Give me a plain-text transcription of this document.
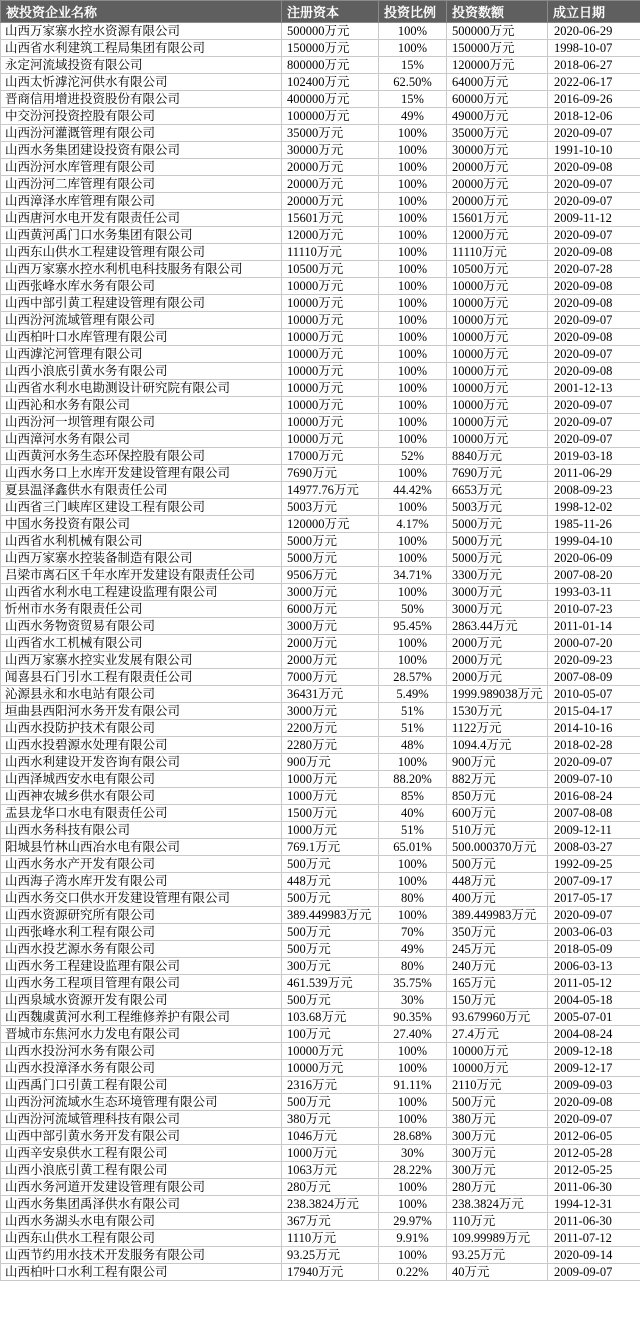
被投资企业名称	注册资本	投资比例	投资数额	成立日期
山西万家寨水控水资源有限公司	500000万元	100%	500000万元	2020-06-29
山西省水利建筑工程局集团有限公司	150000万元	100%	150000万元	1998-10-07
永定河流域投资有限公司	800000万元	15%	120000万元	2018-06-27
山西太忻滹沱河供水有限公司	102400万元	62.50%	64000万元	2022-06-17
晋商信用增进投资股份有限公司	400000万元	15%	60000万元	2016-09-26
中交汾河投资控股有限公司	100000万元	49%	49000万元	2018-12-06
山西汾河灌溉管理有限公司	35000万元	100%	35000万元	2020-09-07
山西水务集团建设投资有限公司	30000万元	100%	30000万元	1991-10-10
山西汾河水库管理有限公司	20000万元	100%	20000万元	2020-09-08
山西汾河二库管理有限公司	20000万元	100%	20000万元	2020-09-07
山西漳泽水库管理有限公司	20000万元	100%	20000万元	2020-09-07
山西唐河水电开发有限责任公司	15601万元	100%	15601万元	2009-11-12
山西黄河禹门口水务集团有限公司	12000万元	100%	12000万元	2020-09-07
山西东山供水工程建设管理有限公司	11110万元	100%	11110万元	2020-09-08
山西万家寨水控水利机电科技服务有限公司	10500万元	100%	10500万元	2020-07-28
山西张峰水库水务有限公司	10000万元	100%	10000万元	2020-09-08
山西中部引黄工程建设管理有限公司	10000万元	100%	10000万元	2020-09-08
山西汾河流域管理有限公司	10000万元	100%	10000万元	2020-09-07
山西柏叶口水库管理有限公司	10000万元	100%	10000万元	2020-09-08
山西滹沱河管理有限公司	10000万元	100%	10000万元	2020-09-07
山西小浪底引黄水务有限公司	10000万元	100%	10000万元	2020-09-08
山西省水利水电勘测设计研究院有限公司	10000万元	100%	10000万元	2001-12-13
山西沁和水务有限公司	10000万元	100%	10000万元	2020-09-07
山西汾河一坝管理有限公司	10000万元	100%	10000万元	2020-09-07
山西漳河水务有限公司	10000万元	100%	10000万元	2020-09-07
山西黄河水务生态环保控股有限公司	17000万元	52%	8840万元	2019-03-18
山西水务口上水库开发建设管理有限公司	7690万元	100%	7690万元	2011-06-29
夏县温泽鑫供水有限责任公司	14977.76万元	44.42%	6653万元	2008-09-23
山西省三门峡库区建设工程有限公司	5003万元	100%	5003万元	1998-12-02
中国水务投资有限公司	120000万元	4.17%	5000万元	1985-11-26
山西省水利机械有限公司	5000万元	100%	5000万元	1999-04-10
山西万家寨水控装备制造有限公司	5000万元	100%	5000万元	2020-06-09
吕梁市离石区千年水库开发建设有限责任公司	9506万元	34.71%	3300万元	2007-08-20
山西省水利水电工程建设监理有限公司	3000万元	100%	3000万元	1993-03-11
忻州市水务有限责任公司	6000万元	50%	3000万元	2010-07-23
山西水务物资贸易有限公司	3000万元	95.45%	2863.44万元	2011-01-14
山西省水工机械有限公司	2000万元	100%	2000万元	2000-07-20
山西万家寨水控实业发展有限公司	2000万元	100%	2000万元	2020-09-23
闻喜县石门引水工程有限责任公司	7000万元	28.57%	2000万元	2007-08-09
沁源县永和水电站有限公司	36431万元	5.49%	1999.989038万元	2010-05-07
垣曲县西阳河水务开发有限公司	3000万元	51%	1530万元	2015-04-17
山西水投防护技术有限公司	2200万元	51%	1122万元	2014-10-16
山西水投碧源水处理有限公司	2280万元	48%	1094.4万元	2018-02-28
山西水利建设开发咨询有限公司	900万元	100%	900万元	2020-09-07
山西泽城西安水电有限公司	1000万元	88.20%	882万元	2009-07-10
山西神农城乡供水有限公司	1000万元	85%	850万元	2016-08-24
盂县龙华口水电有限责任公司	1500万元	40%	600万元	2007-08-08
山西水务科技有限公司	1000万元	51%	510万元	2009-12-11
阳城县竹林山西冶水电有限公司	769.1万元	65.01%	500.000370万元	2008-03-27
山西水务水产开发有限公司	500万元	100%	500万元	1992-09-25
山西海子湾水库开发有限公司	448万元	100%	448万元	2007-09-17
山西水务交口供水开发建设管理有限公司	500万元	80%	400万元	2017-05-17
山西水资源研究所有限公司	389.449983万元	100%	389.449983万元	2020-09-07
山西张峰水利工程有限公司	500万元	70%	350万元	2003-06-03
山西水投艺源水务有限公司	500万元	49%	245万元	2018-05-09
山西水务工程建设监理有限公司	300万元	80%	240万元	2006-03-13
山西水务工程项目管理有限公司	461.539万元	35.75%	165万元	2011-05-12
山西泉域水资源开发有限公司	500万元	30%	150万元	2004-05-18
山西魏虞黄河水利工程维修养护有限公司	103.68万元	90.35%	93.679960万元	2005-07-01
晋城市东焦河水力发电有限公司	100万元	27.40%	27.4万元	2004-08-24
山西水投汾河水务有限公司	10000万元	100%	10000万元	2009-12-18
山西水投漳泽水务有限公司	10000万元	100%	10000万元	2009-12-17
山西禹门口引黄工程有限公司	2316万元	91.11%	2110万元	2009-09-03
山西汾河流域水生态环境管理有限公司	500万元	100%	500万元	2020-09-08
山西汾河流域管理科技有限公司	380万元	100%	380万元	2020-09-07
山西中部引黄水务开发有限公司	1046万元	28.68%	300万元	2012-06-05
山西辛安泉供水工程有限公司	1000万元	30%	300万元	2012-05-28
山西小浪底引黄工程有限公司	1063万元	28.22%	300万元	2012-05-25
山西水务河道开发建设管理有限公司	280万元	100%	280万元	2011-06-30
山西水务集团禹泽供水有限公司	238.3824万元	100%	238.3824万元	1994-12-31
山西水务湖头水电有限公司	367万元	29.97%	110万元	2011-06-30
山西东山供水工程有限公司	1110万元	9.91%	109.99989万元	2011-07-12
山西节约用水技术开发服务有限公司	93.25万元	100%	93.25万元	2020-09-14
山西柏叶口水利工程有限公司	17940万元	0.22%	40万元	2009-09-07
